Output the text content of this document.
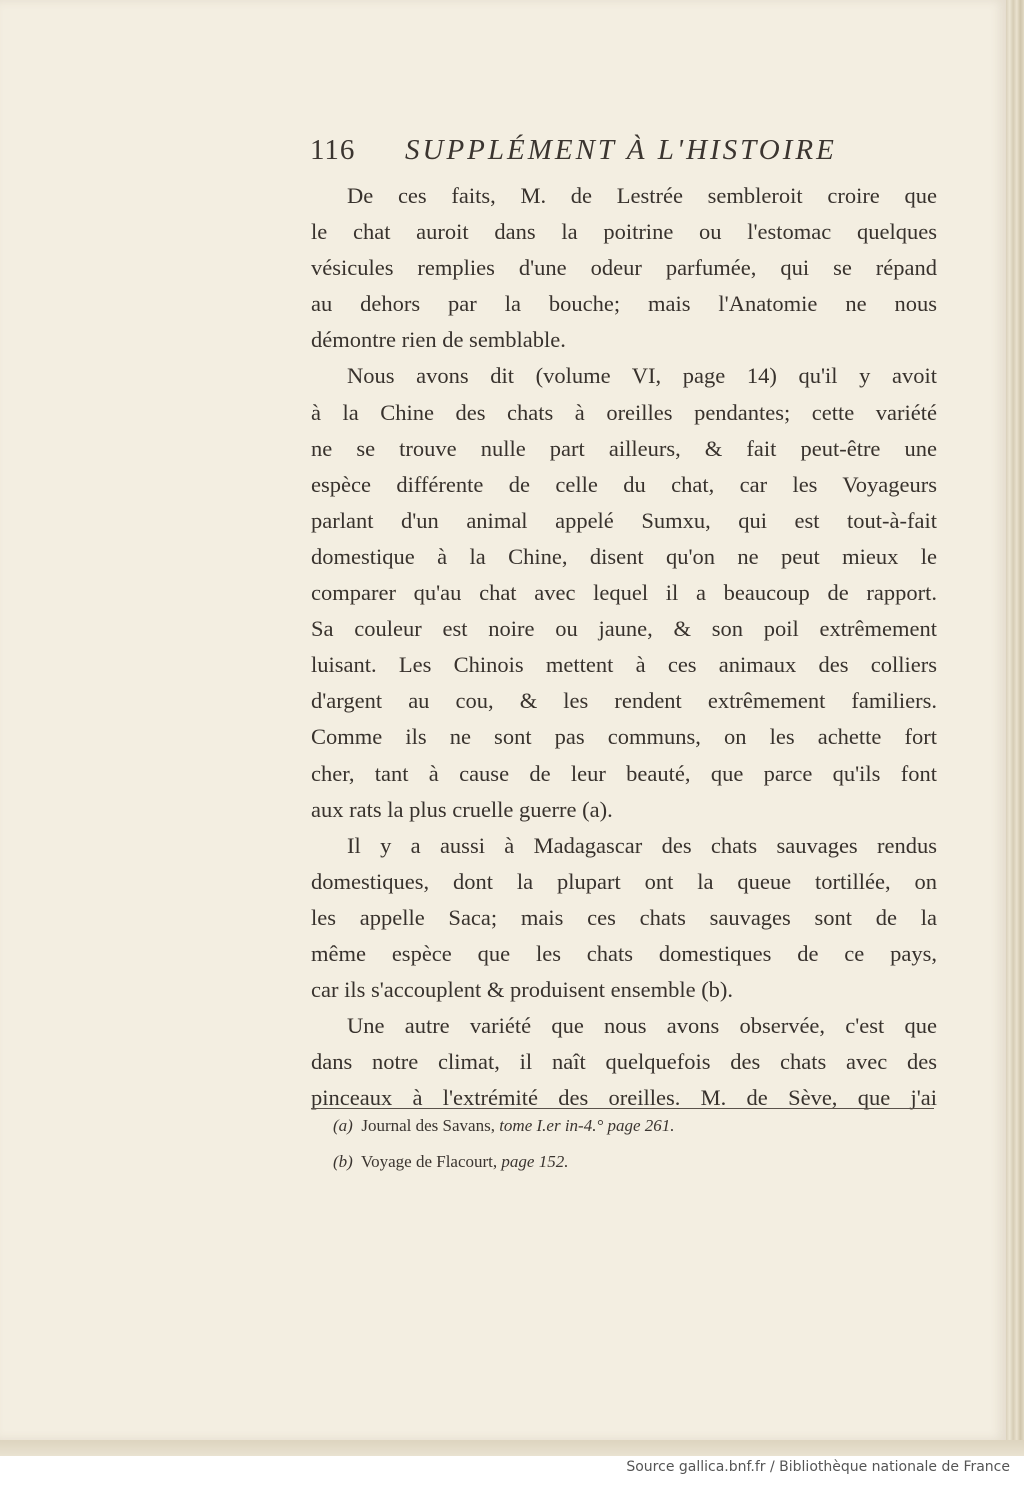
116 SUPPLÉMENT À L'HISTOIRE

De ces faits, M. de Lestrée sembleroit croire que
le chat auroit dans la poitrine ou l'estomac quelques
vésicules remplies d'une odeur parfumée, qui se répand
au dehors par la bouche; mais l'Anatomie ne nous
démontre rien de semblable.

Nous avons dit (volume VI, page 14) qu'il y avoit
à la Chine des chats à oreilles pendantes; cette variété
ne se trouve nulle part ailleurs, & fait peut-être une
espèce différente de celle du chat, car les Voyageurs
parlant d'un animal appelé Sumxu, qui est tout-à-fait
domestique à la Chine, disent qu'on ne peut mieux le
comparer qu'au chat avec lequel il a beaucoup de rapport.
Sa couleur est noire ou jaune, & son poil extrêmement
luisant. Les Chinois mettent à ces animaux des colliers
d'argent au cou, & les rendent extrêmement familiers.
Comme ils ne sont pas communs, on les achette fort
cher, tant à cause de leur beauté, que parce qu'ils font
aux rats la plus cruelle guerre (a).

Il y a aussi à Madagascar des chats sauvages rendus
domestiques, dont la plupart ont la queue tortillée, on
les appelle Saca; mais ces chats sauvages sont de la
même espèce que les chats domestiques de ce pays,
car ils s'accouplent & produisent ensemble (b).

Une autre variété que nous avons observée, c'est que
dans notre climat, il naît quelquefois des chats avec des
pinceaux à l'extrémité des oreilles. M. de Sève, que j'ai

(a) Journal des Savans, tome I.er in-4.° page 261.
(b) Voyage de Flacourt, page 152.
Source gallica.bnf.fr / Bibliothèque nationale de France
